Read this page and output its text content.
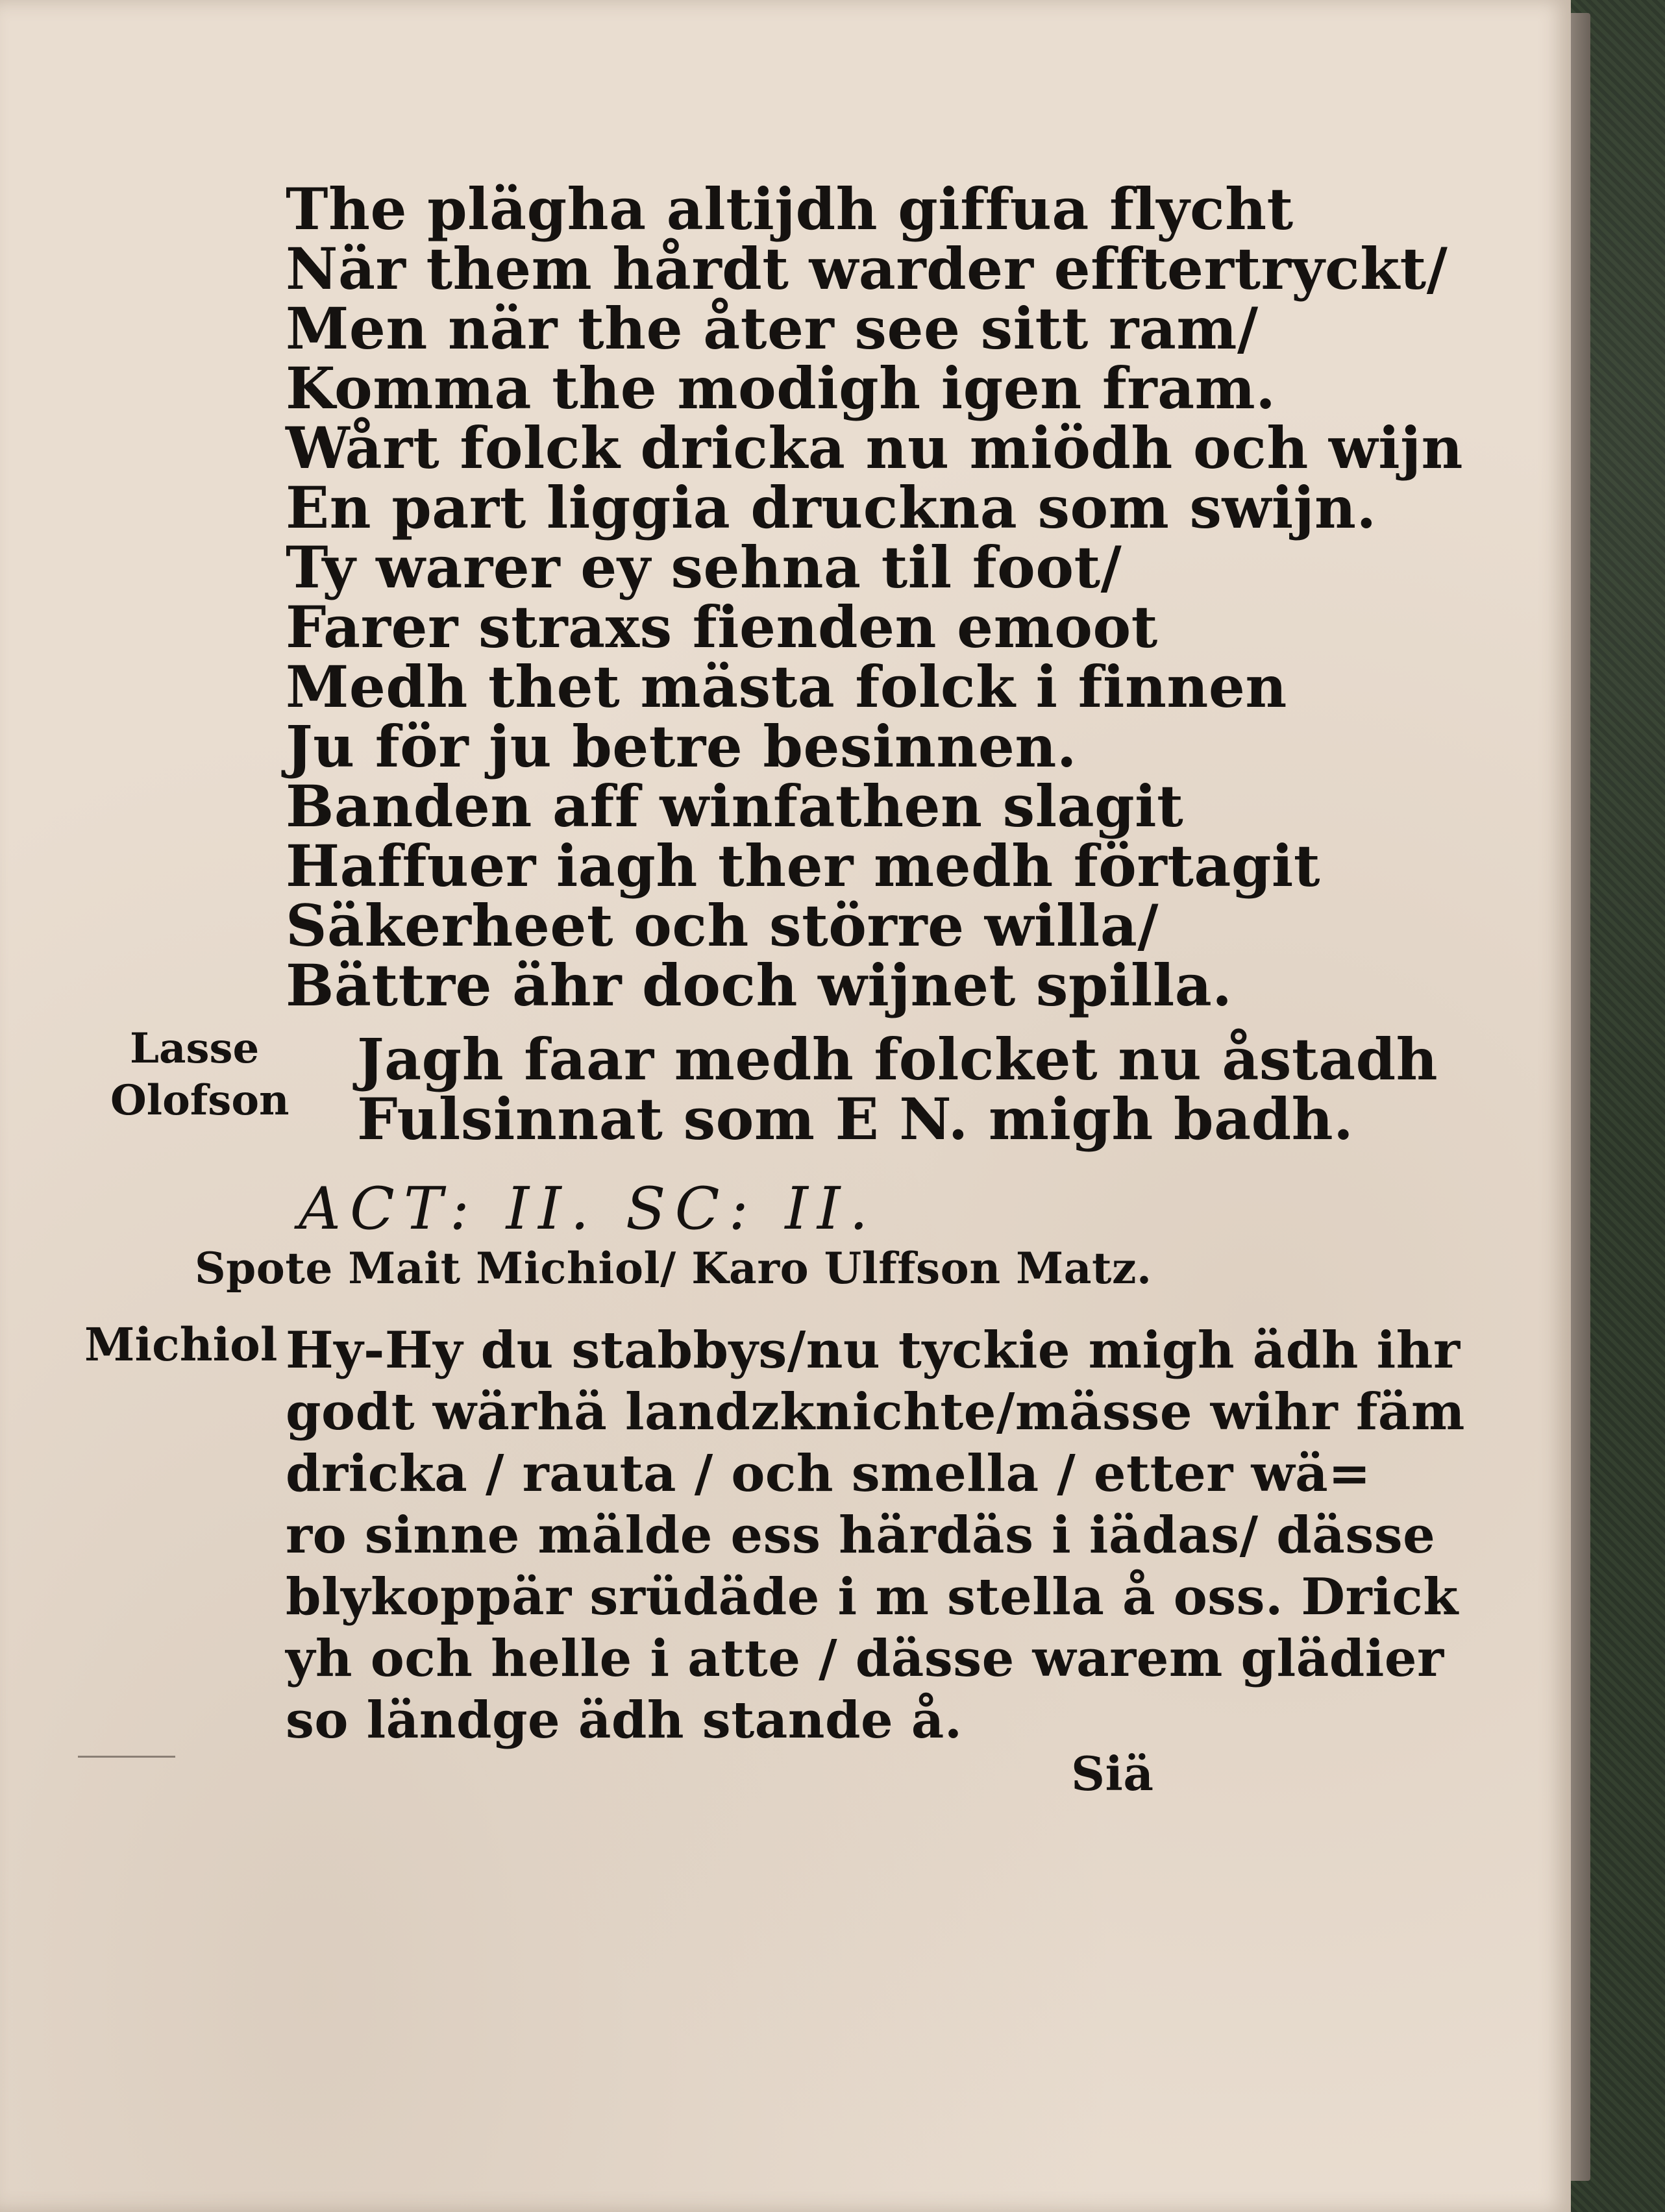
The plägha altijdh giffua flycht
När them hårdt warder efftertryckt/
Men när the åter see sitt ram/
Komma the modigh igen fram.
Wårt folck dricka nu miödh och wijn
En part liggia druckna som swijn.
Ty warer ey sehna til foot/
Farer straxs fienden emoot
Medh thet mästa folck i finnen
Ju för ju betre besinnen.
Banden aff winfathen slagit
Haffuer iagh ther medh förtagit
Säkerheet och större willa/
Bättre ähr doch wijnet spilla.
Lasse
Olofson
Jagh faar medh folcket nu åstadh
Fulsinnat som E N. migh badh.
ACT: II. SC: II.
Spote Mait Michiol/ Karo Ulffson Matz.
Michiol Hy-Hy du stabbys/nu tyckie migh ädh ihr
godt wärhä landzknichte/mässe wihr fäm
dricka / rauta / och smella / etter wä=
ro sinne mälde ess härdäs i iädas/ dässe
blykoppär srüdäde i m stella å oss. Drick
yh och helle i atte / dässe warem glädier
so ländge ädh stande å.
Siä
